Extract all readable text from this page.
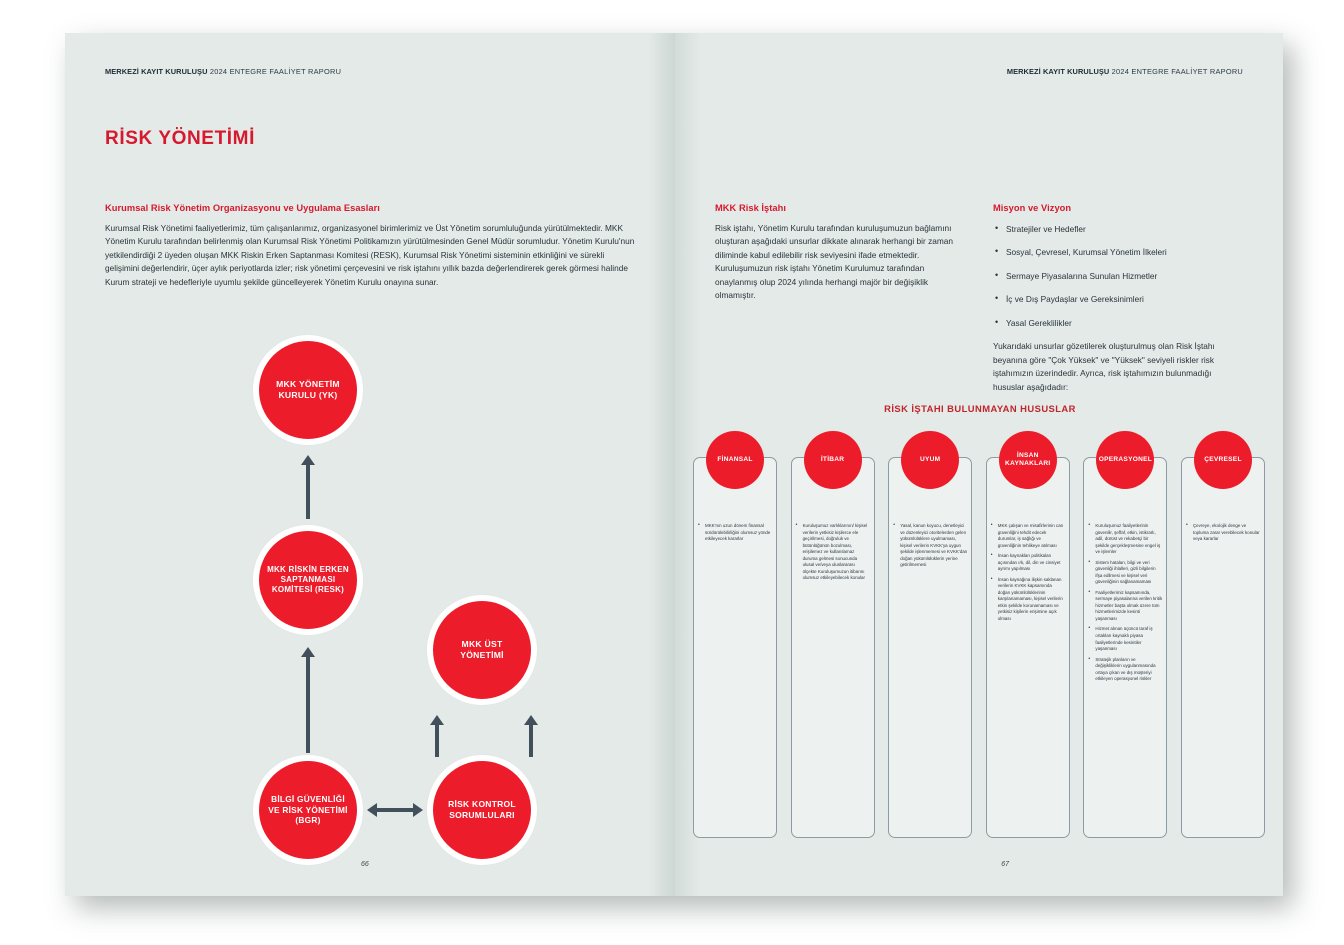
MERKEZİ KAYIT KURULUŞU 2024 ENTEGRE FAALİYET RAPORU
RİSK YÖNETİMİ
Kurumsal Risk Yönetim Organizasyonu ve Uygulama Esasları
Kurumsal Risk Yönetimi faaliyetlerimiz, tüm çalışanlarımız, organizasyonel birimlerimiz ve Üst Yönetim sorumluluğunda yürütülmektedir. MKK Yönetim Kurulu tarafından belirlenmiş olan Kurumsal Risk Yönetimi Politikamızın yürütülmesinden Genel Müdür sorumludur. Yönetim Kurulu'nun yetkilendirdiği 2 üyeden oluşan MKK Riskin Erken Saptanması Komitesi (RESK), Kurumsal Risk Yönetimi sisteminin etkinliğini ve sürekli gelişimini değerlendirir, üçer aylık periyotlarda izler; risk yönetimi çerçevesini ve risk iştahını yıllık bazda değerlendirerek gerek görmesi halinde Kurum strateji ve hedefleriyle uyumlu şekilde güncelleyerek Yönetim Kurulu onayına sunar.
MKK YÖNETİM KURULU (YK)
MKK RİSKİN ERKEN SAPTANMASI KOMİTESİ (RESK)
MKK ÜST YÖNETİMİ
BİLGİ GÜVENLİĞİ VE RİSK YÖNETİMİ (BGR)
RİSK KONTROL SORUMLULARI
66
MERKEZİ KAYIT KURULUŞU 2024 ENTEGRE FAALİYET RAPORU
MKK Risk İştahı
Risk iştahı, Yönetim Kurulu tarafından kuruluşumuzun bağlamını oluşturan aşağıdaki unsurlar dikkate alınarak herhangi bir zaman diliminde kabul edilebilir risk seviyesini ifade etmektedir. Kuruluşumuzun risk iştahı Yönetim Kurulumuz tarafından onaylanmış olup 2024 yılında herhangi majör bir değişiklik olmamıştır.
Misyon ve Vizyon
• Stratejiler ve Hedefler
• Sosyal, Çevresel, Kurumsal Yönetim İlkeleri
• Sermaye Piyasalarına Sunulan Hizmetler
• İç ve Dış Paydaşlar ve Gereksinimleri
• Yasal Gereklilikler
Yukarıdaki unsurlar gözetilerek oluşturulmuş olan Risk İştahı beyanına göre "Çok Yüksek" ve "Yüksek" seviyeli riskler risk iştahımızın üzerindedir. Ayrıca, risk iştahımızın bulunmadığı hususlar aşağıdadır:
RİSK İŞTAHI BULUNMAYAN HUSUSLAR
FİNANSAL
• MKK'nın uzun dönem finansal sürdürülebilirliğini olumsuz yönde etkileyecek kararlar
İTİBAR
• Kuruluşumuz varlıklarının/ kişisel verilerin yetkisiz kişilerce ele geçirilmesi, doğruluk ve bütünlüğünün bozulması, erişilemez ve kullanılamaz duruma gelmesi sonucunda ulusal ve/veya uluslararası ölçekte Kuruluşumuzun itibarını olumsuz etkileyebilecek konular
UYUM
• Yasal, kanun koyucu, denetleyici ve düzenleyici otoritelerden gelen yükümlülüklere uyulmaması, kişisel verilerin KVKK'ya uygun şekilde işlenmemesi ve KVKK'dan doğan yükümlülüklerin yerine getirilmemesi
İNSAN KAYNAKLARI
• MKK çalışan ve misafirlerinin can güvenliğini tehdit edecek durumlar, iş sağlığı ve güvenliğinin tehlikeye atılması
• İnsan kaynakları politikaları açısından ırk, dil, din ve cinsiyet ayrımı yapılması
• İnsan kaynağına ilişkin saklanan verilerin KVKK kapsamında doğan yükümlülüklerinin karşılanamaması, kişisel verilerin etkin şekilde korunamaması ve yetkisiz kişilerin erişimine açık olması
OPERASYONEL
• Kuruluşumuz faaliyetlerinin güvenilir, şeffaf, etkin, istikrarlı, adil, dürüst ve rekabetçi bir şekilde gerçekleşmesine engel iş ve işlemler
• Sistem hataları, bilgi ve veri güvenliği ihlalleri, gizli bilgilerin ifşa edilmesi ve kişisel veri güvenliğinin sağlanamaması
• Faaliyetlerimiz kapsamında, sermaye piyasalarına verilen kritik hizmetler başta olmak üzere tüm hizmetlerimizde kesinti yaşanması
• Hizmet alınan üçüncü taraf iş ortakları kaynaklı piyasa faaliyetlerinde kesintiler yaşanması
• Stratejik planların ve değişikliklerin uygulanmasında ortaya çıkan ve dış müşteriyi etkileyen operasyonel riskler
ÇEVRESEL
• Çevreye, ekolojik denge ve topluma zarar verebilecek konular veya kararlar
67
